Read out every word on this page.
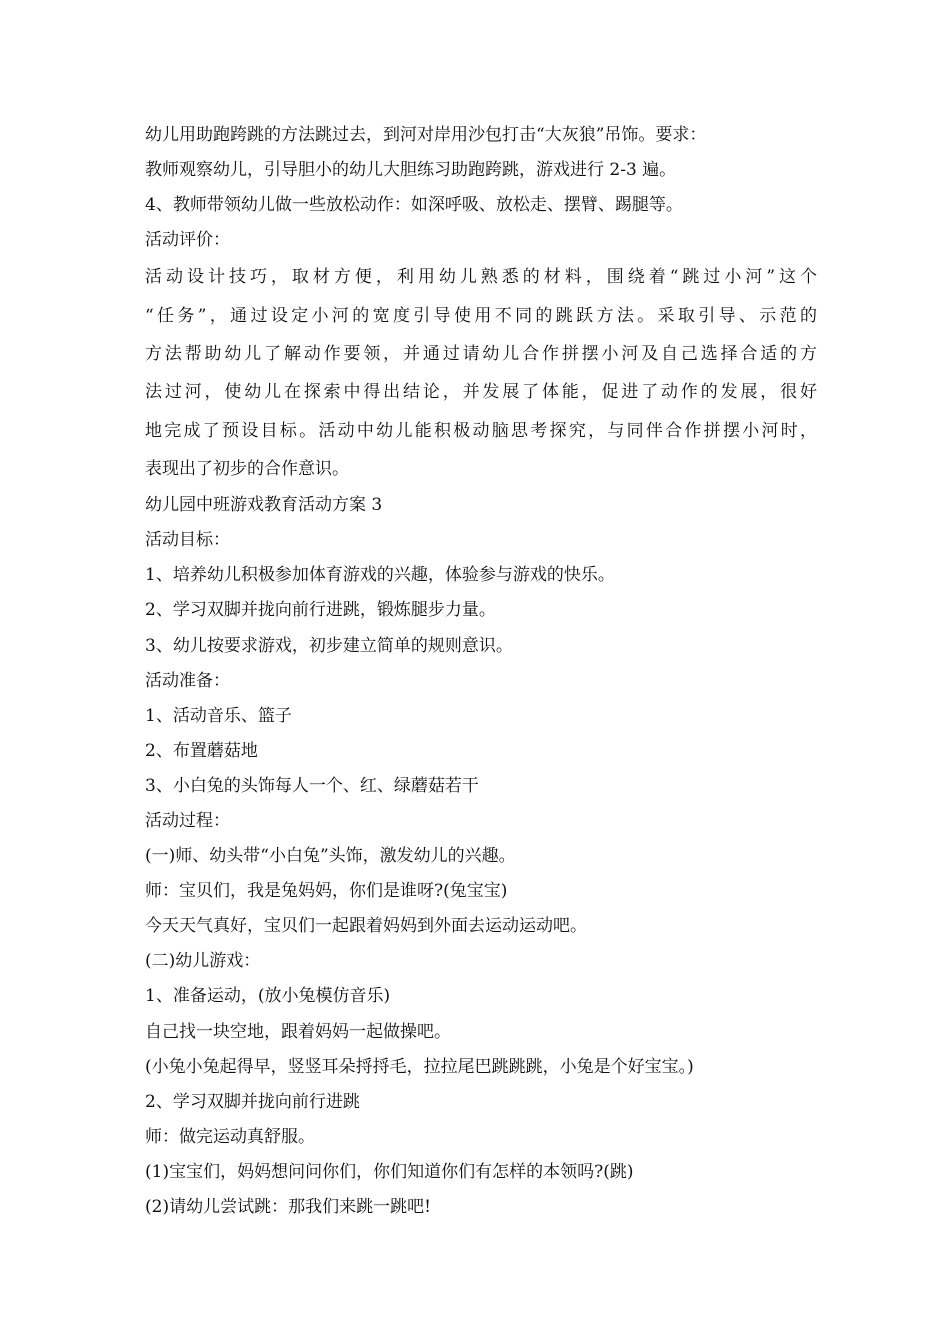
幼儿用助跑跨跳的方法跳过去，到河对岸用沙包打击“大灰狼”吊饰。要求：
教师观察幼儿，引导胆小的幼儿大胆练习助跑跨跳，游戏进行 2-3 遍。
4、教师带领幼儿做一些放松动作：如深呼吸、放松走、摆臂、踢腿等。
活动评价：
活动设计技巧，取材方便，利用幼儿熟悉的材料，围绕着“跳过小河”这个
“任务”，通过设定小河的宽度引导使用不同的跳跃方法。采取引导、示范的
方法帮助幼儿了解动作要领，并通过请幼儿合作拼摆小河及自己选择合适的方
法过河，使幼儿在探索中得出结论，并发展了体能，促进了动作的发展，很好
地完成了预设目标。活动中幼儿能积极动脑思考探究，与同伴合作拼摆小河时，
表现出了初步的合作意识。
幼儿园中班游戏教育活动方案 3
活动目标：
1、培养幼儿积极参加体育游戏的兴趣，体验参与游戏的快乐。
2、学习双脚并拢向前行进跳，锻炼腿步力量。
3、幼儿按要求游戏，初步建立简单的规则意识。
活动准备：
1、活动音乐、篮子
2、布置蘑菇地
3、小白兔的头饰每人一个、红、绿蘑菇若干
活动过程：
(一)师、幼头带“小白兔”头饰，激发幼儿的兴趣。
师：宝贝们，我是兔妈妈，你们是谁呀?(兔宝宝)
今天天气真好，宝贝们一起跟着妈妈到外面去运动运动吧。
(二)幼儿游戏：
1、准备运动，(放小兔模仿音乐)
自己找一块空地，跟着妈妈一起做操吧。
(小兔小兔起得早，竖竖耳朵捋捋毛，拉拉尾巴跳跳跳，小兔是个好宝宝。)
2、学习双脚并拢向前行进跳
师：做完运动真舒服。
(1)宝宝们，妈妈想问问你们，你们知道你们有怎样的本领吗?(跳)
(2)请幼儿尝试跳：那我们来跳一跳吧!
